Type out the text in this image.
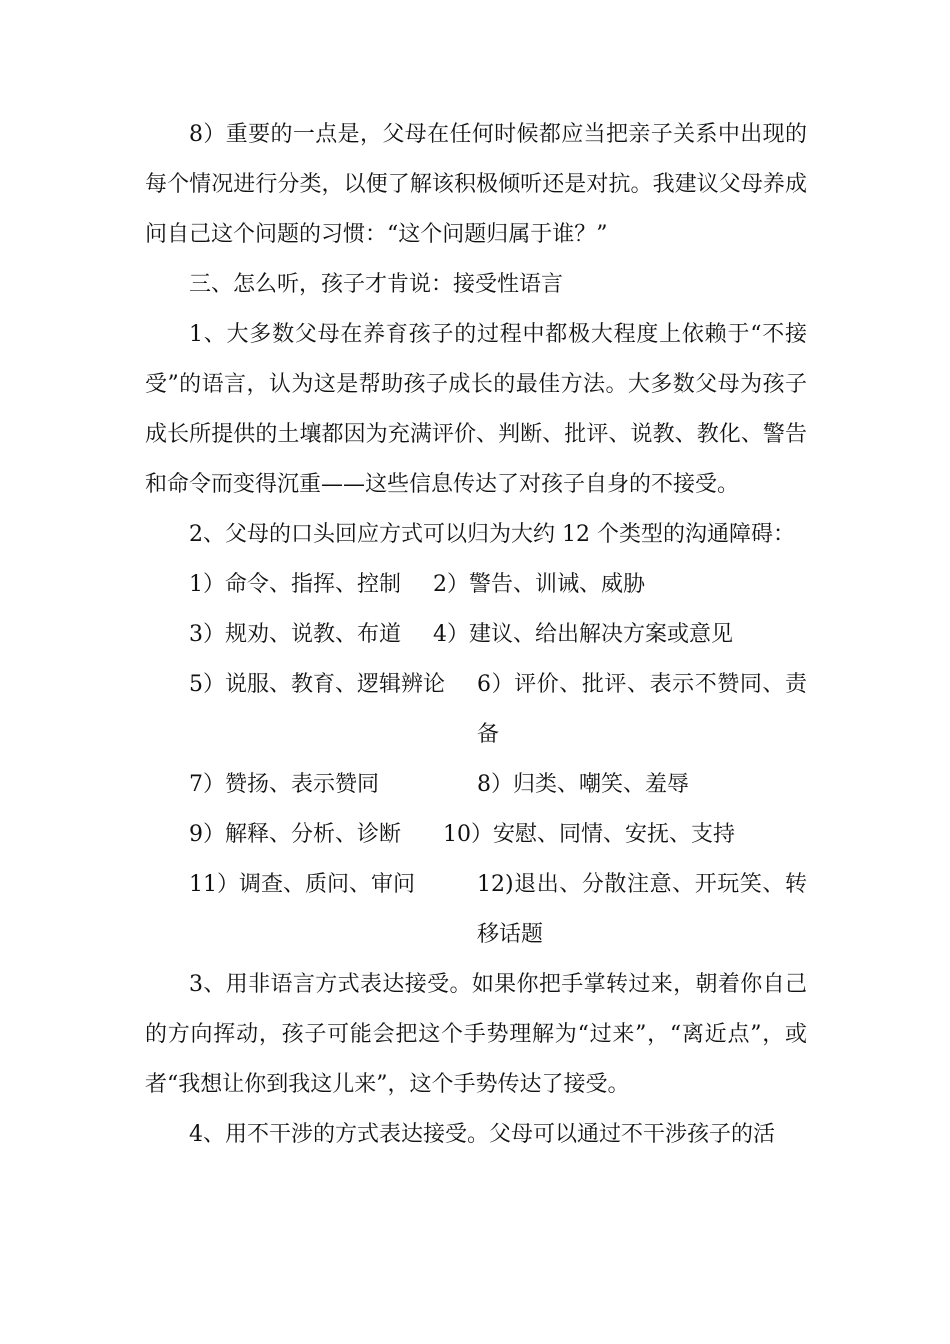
8）重要的一点是，父母在任何时候都应当把亲子关系中出现的每个情况进行分类，以便了解该积极倾听还是对抗。我建议父母养成问自己这个问题的习惯：“这个问题归属于谁？”

三、怎么听，孩子才肯说：接受性语言

1、大多数父母在养育孩子的过程中都极大程度上依赖于“不接受”的语言，认为这是帮助孩子成长的最佳方法。大多数父母为孩子成长所提供的土壤都因为充满评价、判断、批评、说教、教化、警告和命令而变得沉重——这些信息传达了对孩子自身的不接受。

2、父母的口头回应方式可以归为大约 12 个类型的沟通障碍：

1）命令、指挥、控制 2）警告、训诫、威胁
3）规劝、说教、布道 4）建议、给出解决方案或意见
5）说服、教育、逻辑辨论 6）评价、批评、表示不赞同、责备
7）赞扬、表示赞同	8）归类、嘲笑、羞辱
9）解释、分析、诊断 10）安慰、同情、安抚、支持
11）调查、质问、审问	12)退出、分散注意、开玩笑、转移话题

3、用非语言方式表达接受。如果你把手掌转过来，朝着你自己的方向挥动，孩子可能会把这个手势理解为“过来”，“离近点”，或者“我想让你到我这儿来”，这个手势传达了接受。

4、用不干涉的方式表达接受。父母可以通过不干涉孩子的活
